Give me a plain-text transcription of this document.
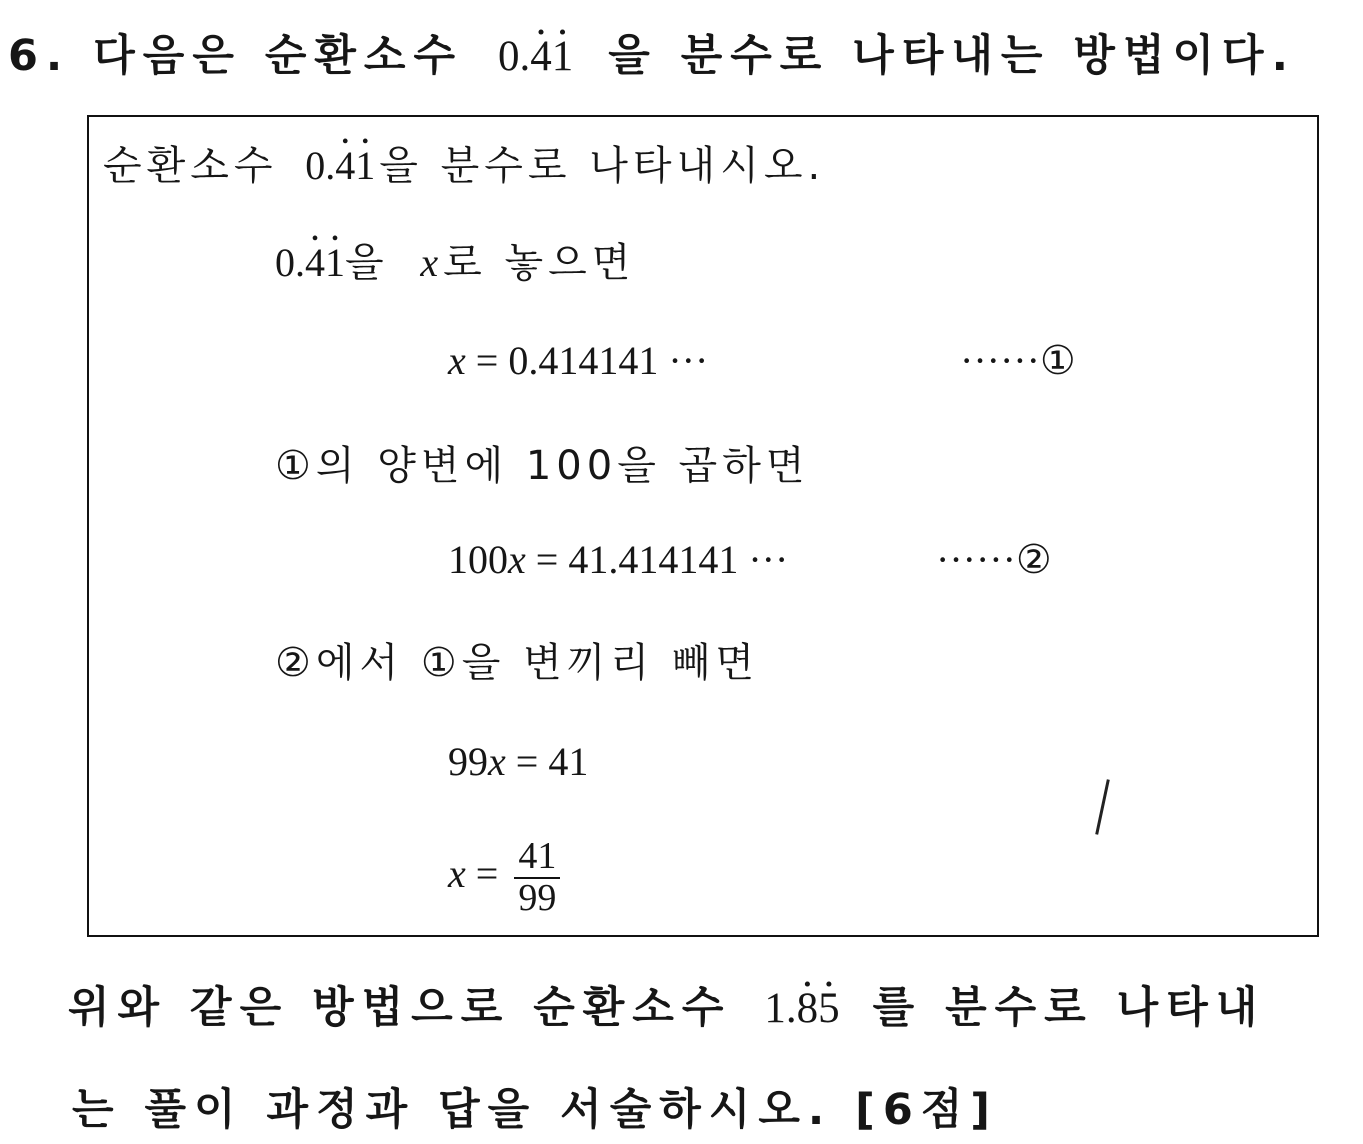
6. 다음은 순환소수 0.• 4• 1 을 분수로 나타내는 방법이다.
순환소수 0.• 4• 1 을 분수로 나타내시오.
0.• 4• 1을 x로 놓으면
x = 0.414141 ···	······①
①의 양변에 100을 곱하면
100x = 41.414141 ···	······②
②에서 ①을 변끼리 빼면
99x = 41
$x = \frac{41}{99}$
위와 같은 방법으로 순환소수 1.• 8• 5 를 분수로 나타내
는 풀이 과정과 답을 서술하시오. [6점]
